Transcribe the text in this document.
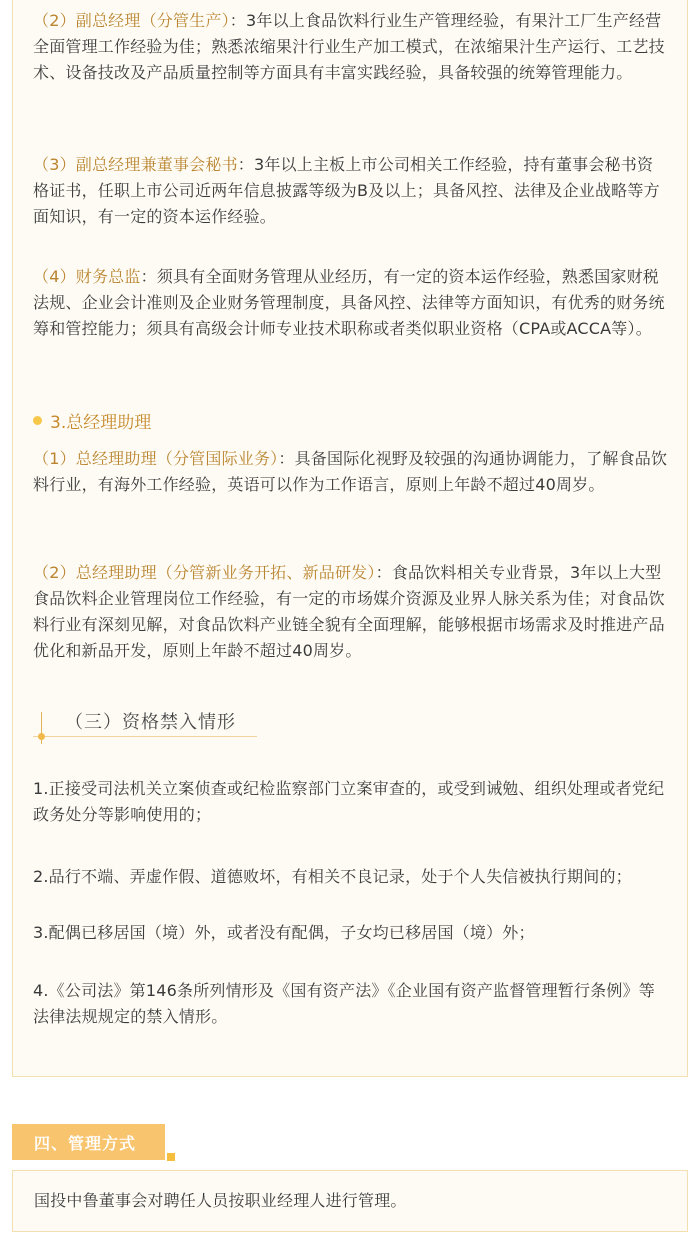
（2）副总经理（分管生产）：3年以上食品饮料行业生产管理经验，有果汁工厂生产经营全面管理工作经验为佳；熟悉浓缩果汁行业生产加工模式，在浓缩果汁生产运行、工艺技术、设备技改及产品质量控制等方面具有丰富实践经验，具备较强的统筹管理能力。

（3）副总经理兼董事会秘书：3年以上主板上市公司相关工作经验，持有董事会秘书资格证书，任职上市公司近两年信息披露等级为B及以上；具备风控、法律及企业战略等方面知识，有一定的资本运作经验。

（4）财务总监：须具有全面财务管理从业经历，有一定的资本运作经验，熟悉国家财税法规、企业会计准则及企业财务管理制度，具备风控、法律等方面知识，有优秀的财务统筹和管控能力；须具有高级会计师专业技术职称或者类似职业资格（CPA或ACCA等）。

3.总经理助理

（1）总经理助理（分管国际业务）：具备国际化视野及较强的沟通协调能力，了解食品饮料行业，有海外工作经验，英语可以作为工作语言，原则上年龄不超过40周岁。

（2）总经理助理（分管新业务开拓、新品研发）：食品饮料相关专业背景，3年以上大型食品饮料企业管理岗位工作经验，有一定的市场媒介资源及业界人脉关系为佳；对食品饮料行业有深刻见解，对食品饮料产业链全貌有全面理解，能够根据市场需求及时推进产品优化和新品开发，原则上年龄不超过40周岁。

（三）资格禁入情形

1.正接受司法机关立案侦查或纪检监察部门立案审查的，或受到诫勉、组织处理或者党纪政务处分等影响使用的；

2.品行不端、弄虚作假、道德败坏，有相关不良记录，处于个人失信被执行期间的；

3.配偶已移居国（境）外，或者没有配偶，子女均已移居国（境）外；

4.《公司法》第146条所列情形及《国有资产法》《企业国有资产监督管理暂行条例》等法律法规规定的禁入情形。

四、管理方式

国投中鲁董事会对聘任人员按职业经理人进行管理。
